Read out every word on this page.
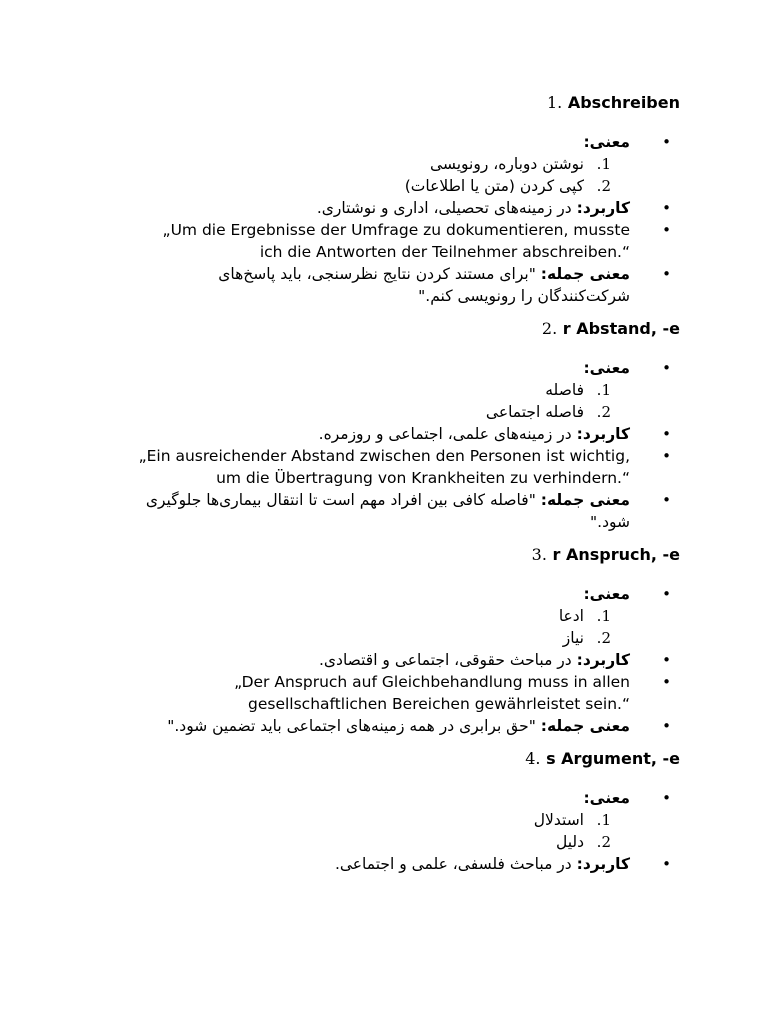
1. Abschreiben

• معنی:
1.
نوشتن دوباره، رونویسی
2.
کپی کردن (متن یا اطلاعات)
• کاربرد: در زمینه‌های تحصیلی، اداری و نوشتاری.
• „Um die Ergebnisse der Umfrage zu dokumentieren, musste ich die Antworten der Teilnehmer abschreiben.“
• معنی جمله: "برای مستند کردن نتایج نظرسنجی، باید پاسخ‌های شرکت‌کنندگان را رونویسی کنم."

2. r Abstand, -e

• معنی:
1.
فاصله
2.
فاصله اجتماعی
• کاربرد: در زمینه‌های علمی، اجتماعی و روزمره.
• „Ein ausreichender Abstand zwischen den Personen ist wichtig, um die Übertragung von Krankheiten zu verhindern.“
• معنی جمله: "فاصله کافی بین افراد مهم است تا انتقال بیماری‌ها جلوگیری شود."

3. r Anspruch, -e

• معنی:
1.
ادعا
2.
نیاز
• کاربرد: در مباحث حقوقی، اجتماعی و اقتصادی.
• „Der Anspruch auf Gleichbehandlung muss in allen gesellschaftlichen Bereichen gewährleistet sein.“
• معنی جمله: "حق برابری در همه زمینه‌های اجتماعی باید تضمین شود."

4. s Argument, -e

• معنی:
1.
استدلال
2.
دلیل
• کاربرد: در مباحث فلسفی، علمی و اجتماعی.
